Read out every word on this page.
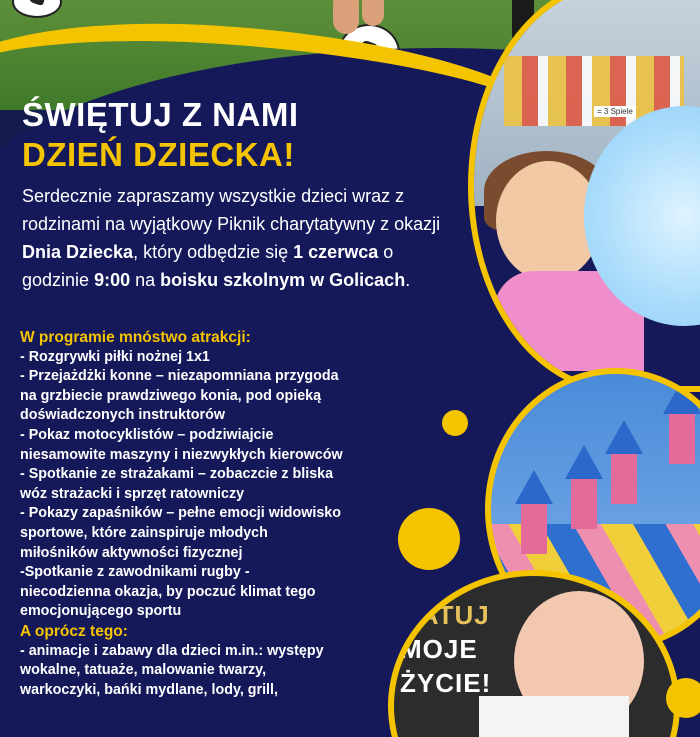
= 3 Spiele
RATUJ
MOJE
ŻYCIE!
ŚWIĘTUJ Z NAMI
DZIEŃ DZIECKA!
Serdecznie zapraszamy wszystkie dzieci wraz z rodzinami na wyjątkowy Piknik charytatywny z okazji Dnia Dziecka, który odbędzie się 1 czerwca o godzinie 9:00 na boisku szkolnym w Golicach.
W programie mnóstwo atrakcji:
- Rozgrywki piłki nożnej 1x1
- Przejażdżki konne – niezapomniana przygoda
na grzbiecie prawdziwego konia, pod opieką
doświadczonych instruktorów
- Pokaz motocyklistów – podziwiajcie
niesamowite maszyny i niezwykłych kierowców
- Spotkanie ze strażakami – zobaczcie z bliska
wóz strażacki i sprzęt ratowniczy
- Pokazy zapaśników – pełne emocji widowisko
sportowe, które zainspiruje młodych
miłośników aktywności fizycznej
-Spotkanie z zawodnikami rugby -
niecodzienna okazja, by poczuć klimat tego
emocjonującego sportu
A oprócz tego:
- animacje i zabawy dla dzieci m.in.: występy
wokalne, tatuaże, malowanie twarzy,
warkoczyki, bańki mydlane, lody, grill,
